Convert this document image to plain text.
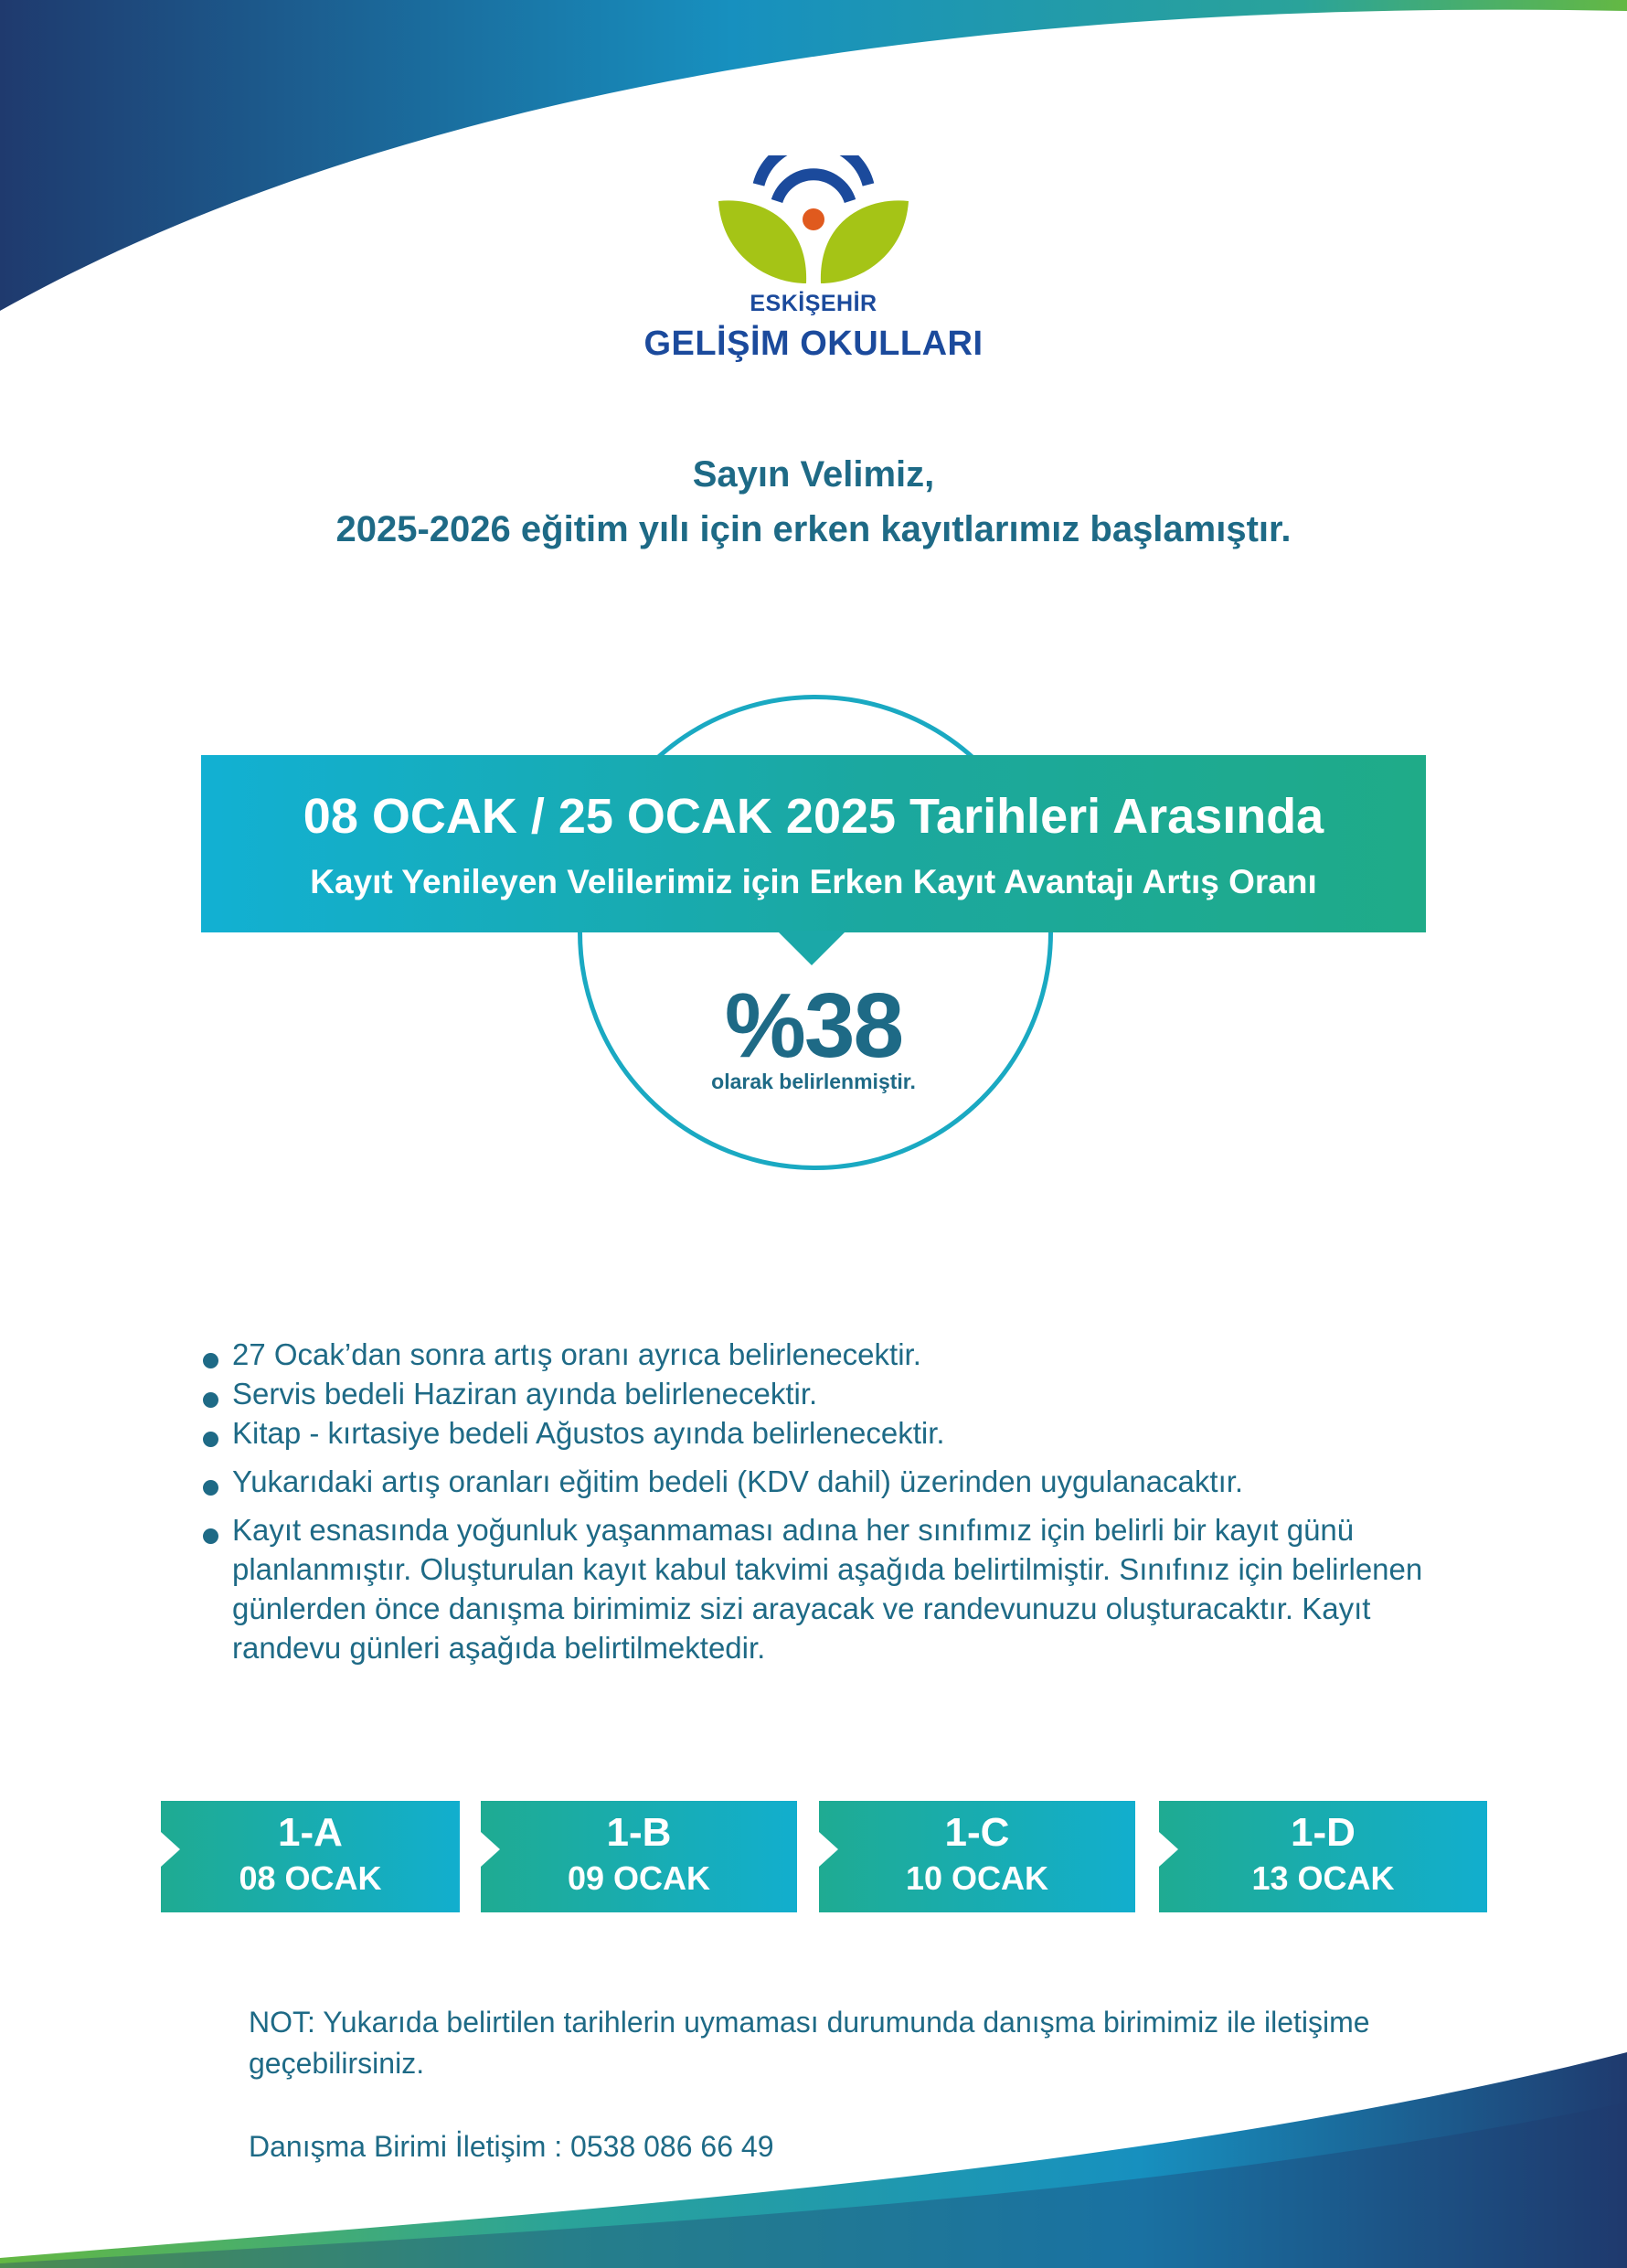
ESKİŞEHİR
GELİŞİM OKULLARI
Sayın Velimiz,
2025-2026 eğitim yılı için erken kayıtlarımız başlamıştır.
08 OCAK / 25 OCAK 2025 Tarihleri Arasında
Kayıt Yenileyen Velilerimiz için Erken Kayıt Avantajı Artış Oranı
%38
olarak belirlenmiştir.
27 Ocak’dan sonra artış oranı ayrıca belirlenecektir.
Servis bedeli Haziran ayında belirlenecektir.
Kitap - kırtasiye bedeli Ağustos ayında belirlenecektir.
Yukarıdaki artış oranları eğitim bedeli (KDV dahil) üzerinden uygulanacaktır.
Kayıt esnasında yoğunluk yaşanmaması adına her sınıfımız için belirli bir kayıt günü planlanmıştır. Oluşturulan kayıt kabul takvimi aşağıda belirtilmiştir. Sınıfınız için belirlenen günlerden önce danışma birimimiz sizi arayacak ve randevunuzu oluşturacaktır. Kayıt randevu günleri aşağıda belirtilmektedir.
1-A
08 OCAK
1-B
09 OCAK
1-C
10 OCAK
1-D
13 OCAK
NOT: Yukarıda belirtilen tarihlerin uymaması durumunda danışma birimimiz ile iletişime geçebilirsiniz.
Danışma Birimi İletişim : 0538 086 66 49
